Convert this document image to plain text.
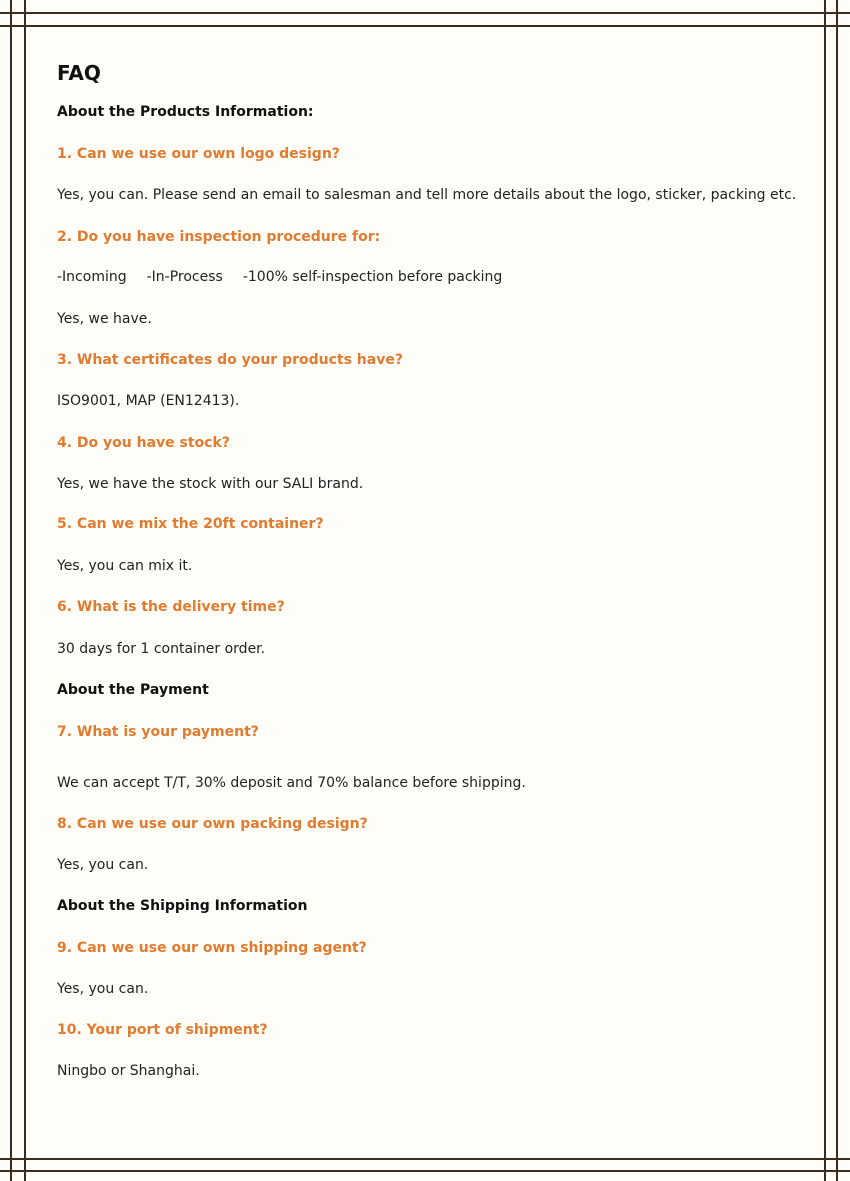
FAQ
About the Products Information:
1. Can we use our own logo design?
Yes, you can. Please send an email to salesman and tell more details about the logo, sticker, packing etc.
2. Do you have inspection procedure for:
-Incoming -In-Process -100% self-inspection before packing
Yes, we have.
3. What certificates do your products have?
ISO9001, MAP (EN12413).
4. Do you have stock?
Yes, we have the stock with our SALI brand.
5. Can we mix the 20ft container?
Yes, you can mix it.
6. What is the delivery time?
30 days for 1 container order.
About the Payment
7. What is your payment?
We can accept T/T, 30% deposit and 70% balance before shipping.
8. Can we use our own packing design?
Yes, you can.
About the Shipping Information
9. Can we use our own shipping agent?
Yes, you can.
10. Your port of shipment?
Ningbo or Shanghai.
